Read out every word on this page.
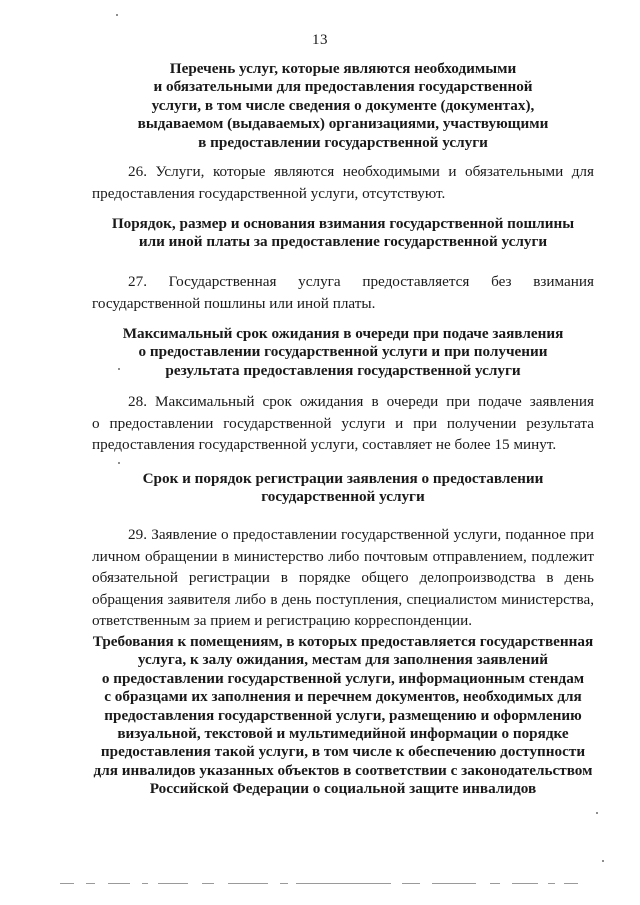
13
Перечень услуг, которые являются необходимыми
и обязательными для предоставления государственной
услуги, в том числе сведения о документе (документах),
выдаваемом (выдаваемых) организациями, участвующими
в предоставлении государственной услуги
26. Услуги, которые являются необходимыми и обязательными для
предоставления государственной услуги, отсутствуют.
Порядок, размер и основания взимания государственной пошлины
или иной платы за предоставление государственной услуги
27. Государственная услуга предоставляется без взимания
государственной пошлины или иной платы.
Максимальный срок ожидания в очереди при подаче заявления
о предоставлении государственной услуги и при получении
результата предоставления государственной услуги
28. Максимальный срок ожидания в очереди при подаче заявления
о предоставлении государственной услуги и при получении результата
предоставления государственной услуги, составляет не более 15 минут.
Срок и порядок регистрации заявления о предоставлении
государственной услуги
29. Заявление о предоставлении государственной услуги, поданное при
личном обращении в министерство либо почтовым отправлением, подлежит
обязательной регистрации в порядке общего делопроизводства в день
обращения заявителя либо в день поступления, специалистом министерства,
ответственным за прием и регистрацию корреспонденции.
Требования к помещениям, в которых предоставляется государственная
услуга, к залу ожидания, местам для заполнения заявлений
о предоставлении государственной услуги, информационным стендам
с образцами их заполнения и перечнем документов, необходимых для
предоставления государственной услуги, размещению и оформлению
визуальной, текстовой и мультимедийной информации о порядке
предоставления такой услуги, в том числе к обеспечению доступности
для инвалидов указанных объектов в соответствии с законодательством
Российской Федерации о социальной защите инвалидов
